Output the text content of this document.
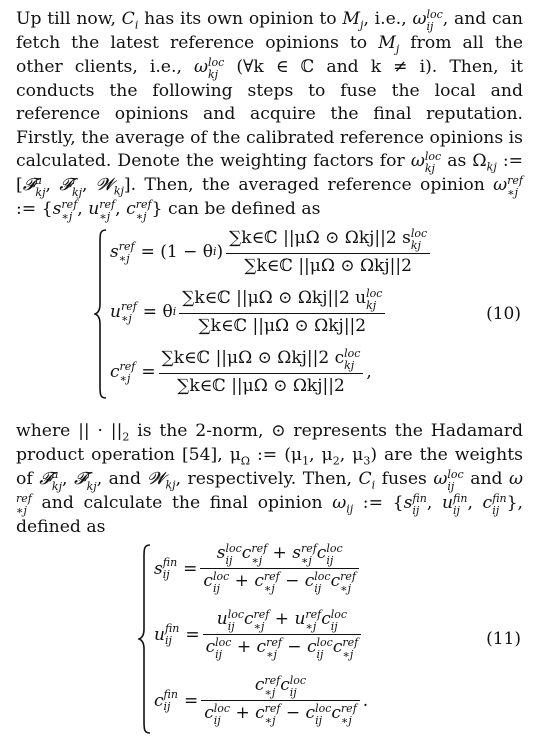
Up till now, $C_i$ has its own opinion to $M_j$, i.e., ω loc
ij , and can fetch the latest reference opinions to $M_j$ from all the other clients, i.e., ω loc
kj	(∀k ∈ ℂ and k ≠ i). Then, it conducts the following steps to fuse the local and reference opinions and acquire the final reputation. Firstly, the average of the calibrated reference opinions is calculated. Denote the weighting factors for ω loc
kj as $\Omega_{kj}$ := [𝓕 a
kj , 𝓕 r
kj , 𝓦$_{kj}$]. Then, the averaged reference opinion ω ref
∗j
:= {s ref
∗j , u ref
∗j , c ref
∗j } can be defined as

s ref
∗j = (1 − θ i ) ∑k∈ℂ ||μΩ ⊙ Ωkj||2 s loc
kj
∑k∈ℂ ||μΩ ⊙ Ωkj||2
u ref
∗j = θ i ∑k∈ℂ ||μΩ ⊙ Ωkj||2 u loc
kj
∑k∈ℂ ||μΩ ⊙ Ωkj||2
c ref
∗j = ∑k∈ℂ ||μΩ ⊙ Ωkj||2 c loc
kj
∑k∈ℂ ||μΩ ⊙ Ωkj||2 ,
(10)

where || · $||_2$ is the 2-norm, ⊙ represents the Hadamard product operation [54], $\mu_\Omega$ := ($\mu_1$, $\mu_2$, $\mu_3$) are the weights of 𝓕 a
kj , 𝓕 r
kj , and 𝓦$_{kj}$, respectively. Then, $C_i$ fuses ω loc
ij and ω
ref
∗j and calculate the final opinion $\omega_{ij}$ := {s fin
ij , u fin
ij , c fin
ij }, defined as

s fin
ij = s loc
ij c ref
∗j + s ref
∗j c loc
ij
c loc
ij + c ref
∗j − c loc
ij c ref
∗j
u fin
ij = u loc
ij c ref
∗j + u ref
∗j c loc
ij
c loc
ij + c ref
∗j − c loc
ij c ref
∗j
c fin
ij = c ref
∗j c loc
ij
c loc
ij + c ref
∗j − c loc
ij c ref
∗j .
(11)
